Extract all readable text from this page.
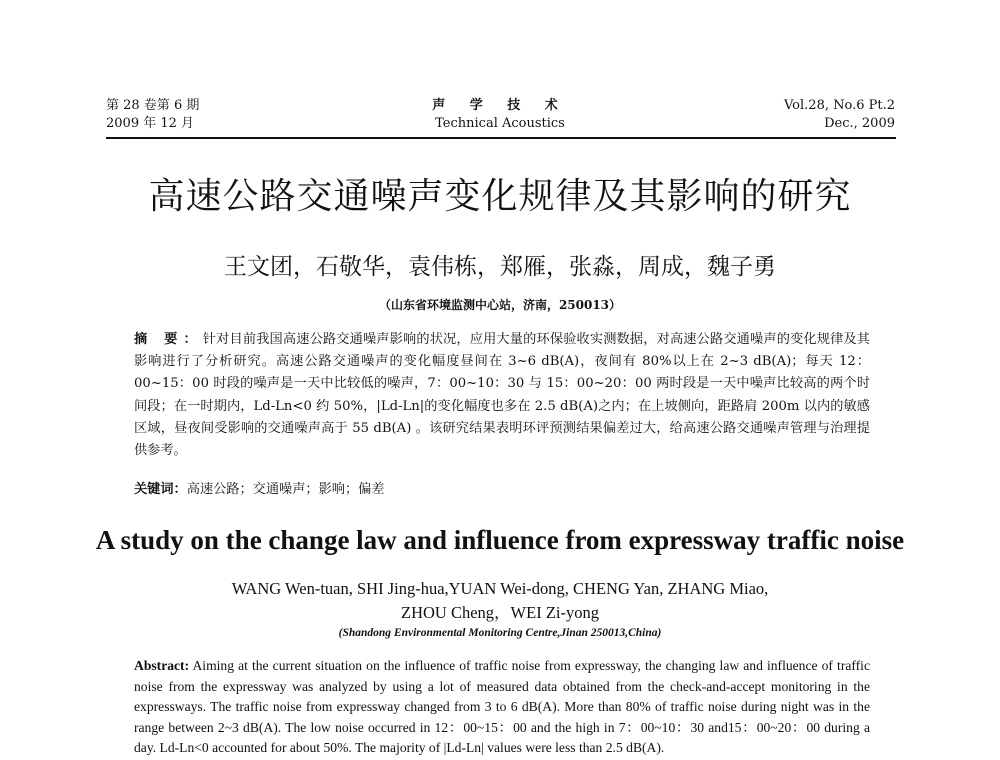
第 28 卷第 6 期
2009 年 12 月
声 学 技 术
Technical Acoustics
Vol.28, No.6 Pt.2
Dec., 2009
高速公路交通噪声变化规律及其影响的研究
王文团，石敬华，袁伟栋，郑雁，张淼，周成，魏子勇
（山东省环境监测中心站，济南，250013）
摘 要：针对目前我国高速公路交通噪声影响的状况，应用大量的环保验收实测数据，对高速公路交通噪声的变化规律及其影响进行了分析研究。高速公路交通噪声的变化幅度昼间在 3~6 dB(A)，夜间有 80%以上在 2~3 dB(A)；每天 12：00~15：00 时段的噪声是一天中比较低的噪声，7：00~10：30 与 15：00~20：00 两时段是一天中噪声比较高的两个时间段；在一时期内，Ld-Ln<0 约 50%，|Ld-Ln|的变化幅度也多在 2.5 dB(A)之内；在上坡侧向，距路肩 200m 以内的敏感区域，昼夜间受影响的交通噪声高于 55 dB(A) 。该研究结果表明环评预测结果偏差过大，给高速公路交通噪声管理与治理提供参考。
关键词：高速公路；交通噪声；影响；偏差
A study on the change law and influence from expressway traffic noise
WANG Wen-tuan, SHI Jing-hua,YUAN Wei-dong, CHENG Yan, ZHANG Miao,
ZHOU Cheng，WEI Zi-yong
(Shandong Environmental Monitoring Centre,Jinan 250013,China)
Abstract: Aiming at the current situation on the influence of traffic noise from expressway, the changing law and influence of traffic noise from the expressway was analyzed by using a lot of measured data obtained from the check-and-accept monitoring in the expressways. The traffic noise from expressway changed from 3 to 6 dB(A). More than 80% of traffic noise during night was in the range between 2~3 dB(A). The low noise occurred in 12：00~15：00 and the high in 7：00~10：30 and15：00~20：00 during a day. Ld-Ln<0 accounted for about 50%. The majority of |Ld-Ln| values were less than 2.5 dB(A).
